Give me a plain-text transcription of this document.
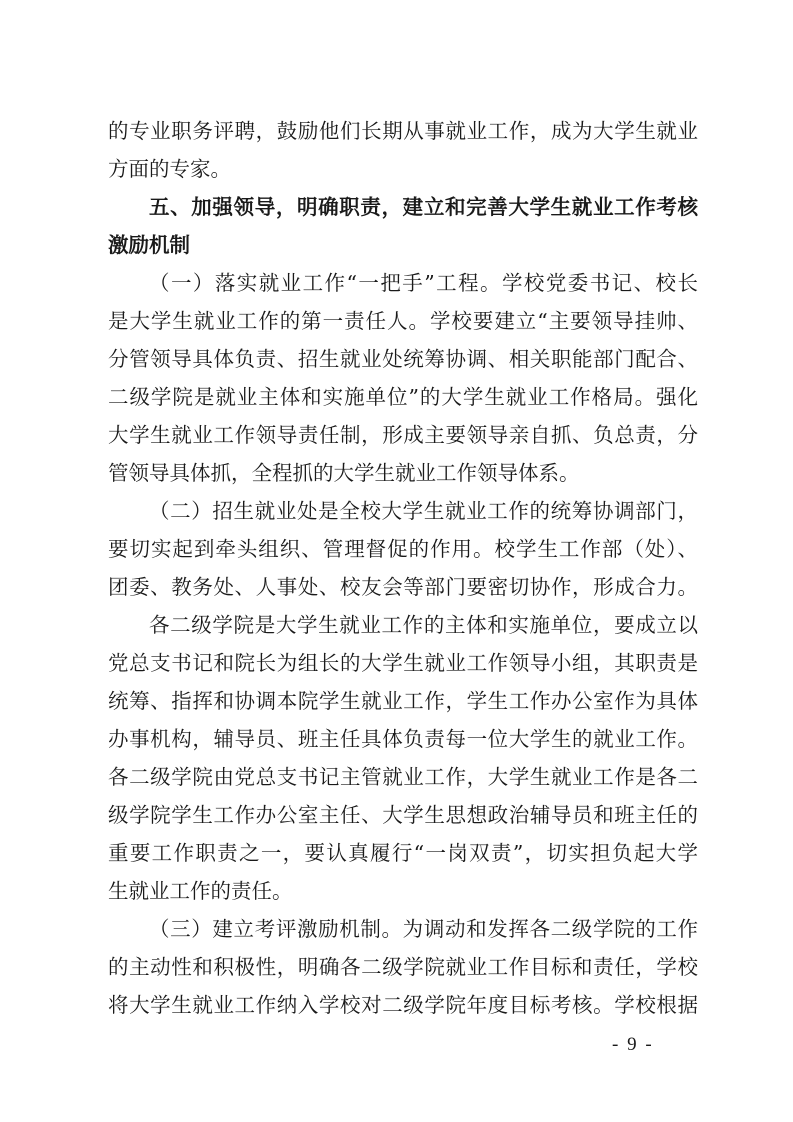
的专业职务评聘，鼓励他们长期从事就业工作，成为大学生就业
方面的专家。
五、加强领导，明确职责，建立和完善大学生就业工作考核
激励机制
（一）落实就业工作“一把手”工程。学校党委书记、校长
是大学生就业工作的第一责任人。学校要建立“主要领导挂帅、
分管领导具体负责、招生就业处统筹协调、相关职能部门配合、
二级学院是就业主体和实施单位”的大学生就业工作格局。强化
大学生就业工作领导责任制，形成主要领导亲自抓、负总责，分
管领导具体抓，全程抓的大学生就业工作领导体系。
（二）招生就业处是全校大学生就业工作的统筹协调部门，
要切实起到牵头组织、管理督促的作用。校学生工作部（处）、
团委、教务处、人事处、校友会等部门要密切协作，形成合力。
各二级学院是大学生就业工作的主体和实施单位，要成立以
党总支书记和院长为组长的大学生就业工作领导小组，其职责是
统筹、指挥和协调本院学生就业工作，学生工作办公室作为具体
办事机构，辅导员、班主任具体负责每一位大学生的就业工作。
各二级学院由党总支书记主管就业工作，大学生就业工作是各二
级学院学生工作办公室主任、大学生思想政治辅导员和班主任的
重要工作职责之一，要认真履行“一岗双责”，切实担负起大学
生就业工作的责任。
（三）建立考评激励机制。为调动和发挥各二级学院的工作
的主动性和积极性，明确各二级学院就业工作目标和责任，学校
将大学生就业工作纳入学校对二级学院年度目标考核。学校根据
- 9 -
